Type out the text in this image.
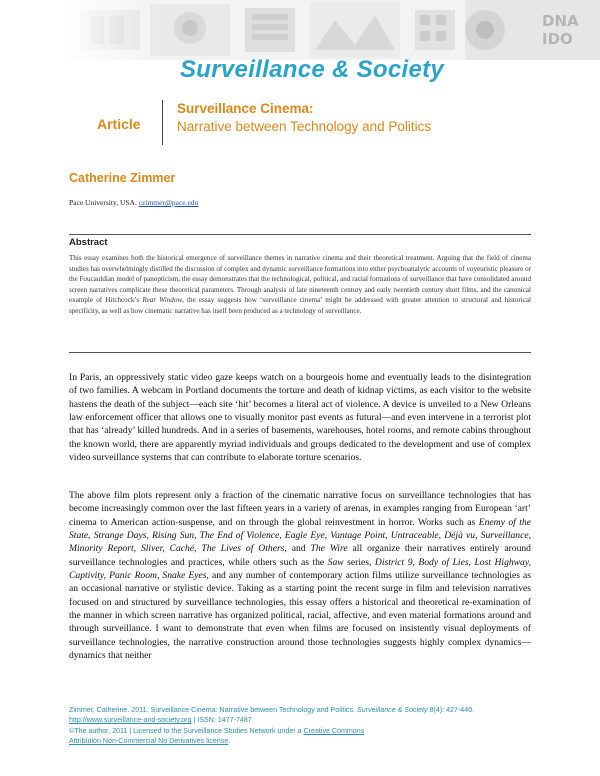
DNA
IDO
Surveillance & Society
Article
Surveillance Cinema:
Narrative between Technology and Politics
Catherine Zimmer
Pace University, USA. czimmer@pace.edu
Abstract
This essay examines both the historical emergence of surveillance themes in narrative cinema and their theoretical treatment. Arguing that the field of cinema studies has overwhelmingly distilled the discussion of complex and dynamic surveillance formations into either psychoanalytic accounts of voyeuristic pleasure or the Foucauldian model of panopticism, the essay demonstrates that the technological, political, and racial formations of surveillance that have consolidated around screen narratives complicate these theoretical parameters. Through analysis of late nineteenth century and early twentieth century short films, and the canonical example of Hitchcock’s Rear Window, the essay suggests how ‘surveillance cinema’ might be addressed with greater attention to structural and historical specificity, as well as how cinematic narrative has itself been produced as a technology of surveillance.
In Paris, an oppressively static video gaze keeps watch on a bourgeois home and eventually leads to the disintegration of two families. A webcam in Portland documents the torture and death of kidnap victims, as each visitor to the website hastens the death of the subject—each site ‘hit’ becomes a literal act of violence. A device is unveiled to a New Orleans law enforcement officer that allows one to visually monitor past events as futural—and even intervene in a terrorist plot that has ‘already’ killed hundreds. And in a series of basements, warehouses, hotel rooms, and remote cabins throughout the known world, there are apparently myriad individuals and groups dedicated to the development and use of complex video surveillance systems that can contribute to elaborate torture scenarios.
The above film plots represent only a fraction of the cinematic narrative focus on surveillance technologies that has become increasingly common over the last fifteen years in a variety of arenas, in examples ranging from European ‘art’ cinema to American action-suspense, and on through the global reinvestment in horror. Works such as Enemy of the State, Strange Days, Rising Sun, The End of Violence, Eagle Eye, Vantage Point, Untraceable, Déjà vu, Surveillance, Minority Report, Sliver, Caché, The Lives of Others, and The Wire all organize their narratives entirely around surveillance technologies and practices, while others such as the Saw series, District 9, Body of Lies, Lost Highway, Captivity, Panic Room, Snake Eyes, and any number of contemporary action films utilize surveillance technologies as an occasional narrative or stylistic device. Taking as a starting point the recent surge in film and television narratives focused on and structured by surveillance technologies, this essay offers a historical and theoretical re-examination of the manner in which screen narrative has organized political, racial, affective, and even material formations around and through surveillance. I want to demonstrate that even when films are focused on insistently visual deployments of surveillance technologies, the narrative construction around those technologies suggests highly complex dynamics—dynamics that neither
Zimmer, Catherine. 2011. Surveillance Cinema: Narrative between Technology and Politics. Surveillance & Society 8(4): 427-440.
http://www.surveillance-and-society.org | ISSN: 1477-7487
©The author, 2011 | Licensed to the Surveillance Studies Network under a Creative Commons
Attribution Non-Commercial No Derivatives license.
